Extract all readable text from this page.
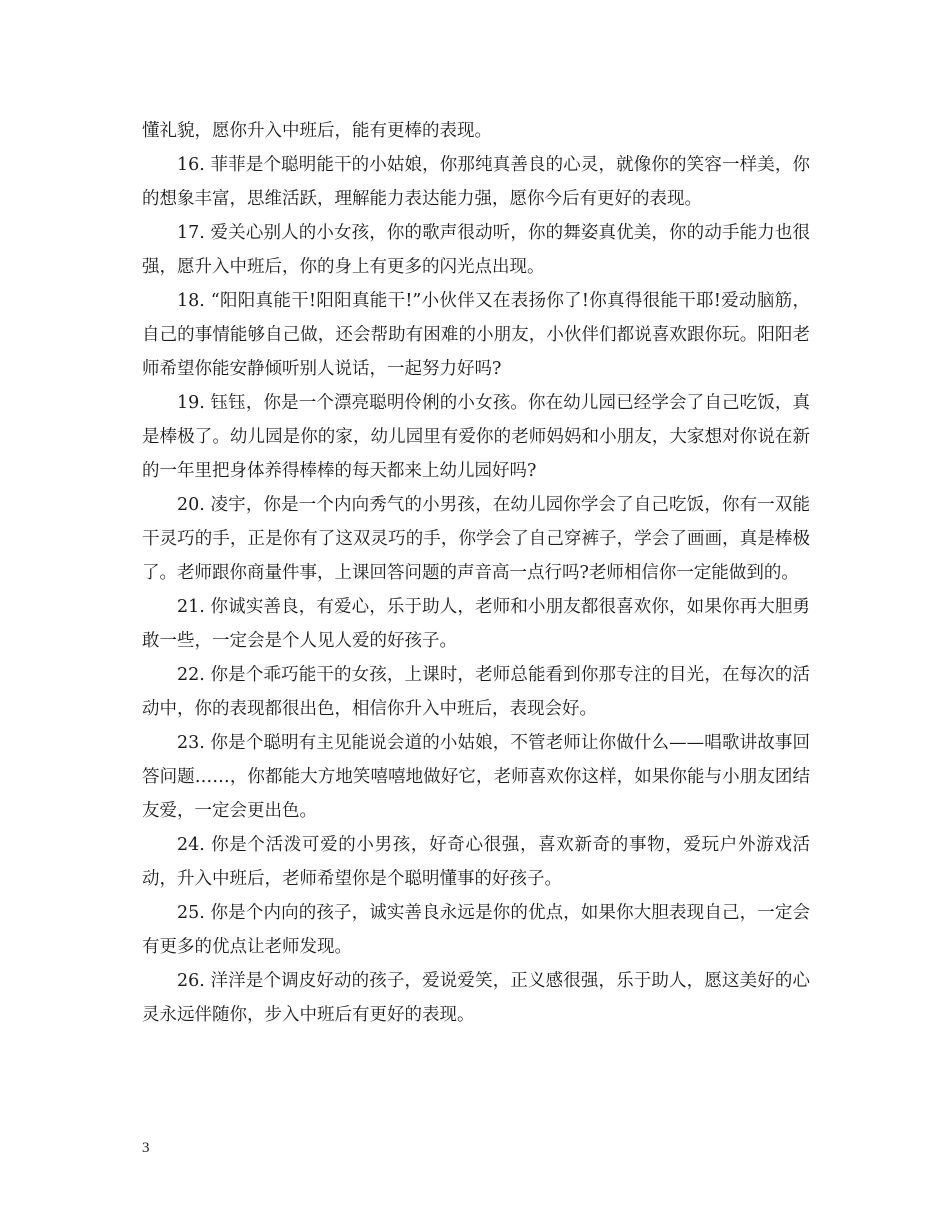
懂礼貌，愿你升入中班后，能有更棒的表现。

16. 菲菲是个聪明能干的小姑娘，你那纯真善良的心灵，就像你的笑容一样美，你的想象丰富，思维活跃，理解能力表达能力强，愿你今后有更好的表现。

17. 爱关心别人的小女孩，你的歌声很动听，你的舞姿真优美，你的动手能力也很强，愿升入中班后，你的身上有更多的闪光点出现。

18. “阳阳真能干!阳阳真能干!”小伙伴又在表扬你了!你真得很能干耶!爱动脑筋，自己的事情能够自己做，还会帮助有困难的小朋友，小伙伴们都说喜欢跟你玩。阳阳老师希望你能安静倾听别人说话，一起努力好吗?

19. 钰钰，你是一个漂亮聪明伶俐的小女孩。你在幼儿园已经学会了自己吃饭，真是棒极了。幼儿园是你的家，幼儿园里有爱你的老师妈妈和小朋友，大家想对你说在新的一年里把身体养得棒棒的每天都来上幼儿园好吗?

20. 凌宇，你是一个内向秀气的小男孩，在幼儿园你学会了自己吃饭，你有一双能干灵巧的手，正是你有了这双灵巧的手，你学会了自己穿裤子，学会了画画，真是棒极了。老师跟你商量件事，上课回答问题的声音高一点行吗?老师相信你一定能做到的。

21. 你诚实善良，有爱心，乐于助人，老师和小朋友都很喜欢你，如果你再大胆勇敢一些，一定会是个人见人爱的好孩子。

22. 你是个乖巧能干的女孩，上课时，老师总能看到你那专注的目光，在每次的活动中，你的表现都很出色，相信你升入中班后，表现会好。

23. 你是个聪明有主见能说会道的小姑娘，不管老师让你做什么——唱歌讲故事回答问题……，你都能大方地笑嘻嘻地做好它，老师喜欢你这样，如果你能与小朋友团结友爱，一定会更出色。

24. 你是个活泼可爱的小男孩，好奇心很强，喜欢新奇的事物，爱玩户外游戏活动，升入中班后，老师希望你是个聪明懂事的好孩子。

25. 你是个内向的孩子，诚实善良永远是你的优点，如果你大胆表现自己，一定会有更多的优点让老师发现。

26. 洋洋是个调皮好动的孩子，爱说爱笑，正义感很强，乐于助人，愿这美好的心灵永远伴随你，步入中班后有更好的表现。

3
